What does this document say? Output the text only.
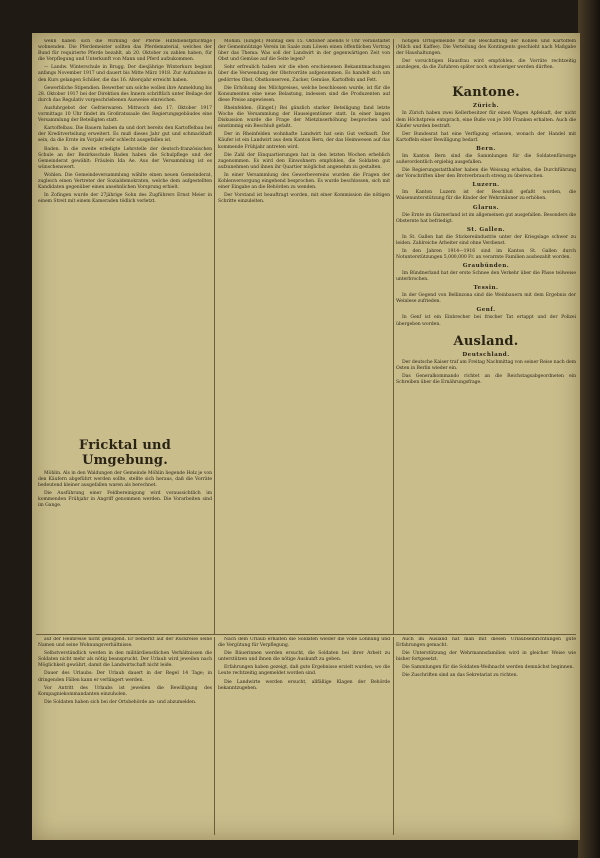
wenn haben sich die Wirkung der Pferde Hilfsdienstpflichtige wohnenden. Die Pferdemeister sollten das Pferdematerial, welches der Bund für requirierte Pferde bezahlt, ab 20. Oktober zu zahlen haben, für die Verpflegung und Unterkunft von Mann und Pferd aufzukommen.

— Landw. Winterschule in Brugg. Der diesjährige Winterkurs beginnt anfangs November 1917 und dauert bis Mitte März 1918. Zur Aufnahme in den Kurs gelangen Schüler, die das 16. Altersjahr erreicht haben.

Gewerbliche Stipendien. Bewerber um solche wollen ihre Anmeldung bis 28. Oktober 1917 bei der Direktion des Innern schriftlich unter Beilage der durch das Regulativ vorgeschriebenen Ausweise einreichen.

Ausfuhrgebot der Gefrierwaren. Mittwoch den 17. Oktober 1917 vormittags 10 Uhr findet im Großratssaale des Regierungsgebäudes eine Versammlung der Beteiligten statt.

Kartoffelbau. Die Bauern haben da und dort bereits den Kartoffelbau bei der Kreditverteilung erweitert. Es muß dieses Jahr gut und schmackhaft sein, da die Ernte im Vorjahr sehr schlecht ausgefallen ist.

Baden. In die zweite erledigte Lehrstelle der deutsch-französischen Schule an der Bezirksschule Baden haben die Schulpflege und der Gemeinderat gewählt: Fräulein Ida Ae. Aus der Versammlung ist es wünschenswert.

Wohlen. Die Gemeindeversammlung wählte einen neuen Gemeinderat, zugleich einen Vertreter der Sozialdemokraten, welche dem aufgestellten Kandidaten gegenüber einen ansehnlichen Vorsprung erhielt.

In Zofingen wurde der 27jährige Sohn des Zugführers Ernst Meier in einem Streit mit einem Kameraden tödlich verletzt.

Fricktal und Umgebung.

Möhlin. Als in den Waldungen der Gemeinde Möhlin liegende Holz je von den Käufern abgeführt werden sollte, stellte sich heraus, daß die Vorräte bedeutend kleiner ausgefallen waren als berechnet.

Die Ausführung einer Feldbereinigung wird voraussichtlich im kommenden Frühjahr in Angriff genommen werden. Die Vorarbeiten sind im Gange.

Möhlin. (Eingef.) Montag den 15. Oktober abends 8 Uhr veranstaltet der Gemeinnützige Verein im Saale zum Löwen einen öffentlichen Vortrag über das Thema: Was soll der Landwirt in der gegenwärtigen Zeit von Obst und Gemüse auf die Seite legen?

Sehr erfreulich haben wir die eben erschienenen Bekanntmachungen über die Verwendung der Obstvorräte aufgenommen. Es handelt sich um gedörrtes Obst, Obstkonserven, Zucker, Gemüse, Kartoffeln und Fett.

Die Erhöhung des Milchpreises, welche beschlossen wurde, ist für die Konsumenten eine neue Belastung, indessen sind die Produzenten auf diese Preise angewiesen.

Rheinfelden. (Eingef.) Bei gänzlich starker Beteiligung fand letzte Woche die Versammlung der Hauseigentümer statt. In einer langen Diskussion wurde die Frage der Mietzinserhöhung besprochen und einstimmig ein Beschluß gefaßt.

Der in Rheinfelden wohnhafte Landwirt hat sein Gut verkauft. Der Käufer ist ein Landwirt aus dem Kanton Bern, der das Heimwesen auf das kommende Frühjahr antreten wird.

Die Zahl der Einquartierungen hat in den letzten Wochen erheblich zugenommen. Es wird den Einwohnern empfohlen, die Soldaten gut aufzunehmen und ihnen ihr Quartier möglichst angenehm zu gestalten.

In einer Versammlung des Gewerbevereins wurden die Fragen der Kohlenversorgung eingehend besprochen. Es wurde beschlossen, sich mit einer Eingabe an die Behörden zu wenden.

Der Vorstand ist beauftragt worden, mit einer Kommission die nötigen Schritte einzuleiten.

nötigen Ortsgemeinde für die Beschaffung der Kohlen und Kartoffeln (Milch und Kaffee). Die Verteilung des Kontingents geschieht nach Maßgabe der Haushaltungen.

Der vorsichtigen Hausfrau wird empfohlen, die Vorräte rechtzeitig anzulegen, da die Zufuhren später noch schwieriger werden dürften.

Kantone.
Zürich.

In Zürich haben zwei Kellerbesitzer für einen Wagen Apfelsaft, der nicht dem Höchstpreis entsprach, eine Buße von je 300 Franken erhalten. Auch die Käufer wurden bestraft.

Der Bundesrat hat eine Verfügung erlassen, wonach der Handel mit Kartoffeln einer Bewilligung bedarf.

Bern.

Im Kanton Bern sind die Sammlungen für die Soldatenfürsorge außerordentlich ergiebig ausgefallen.

Die Regierungsstatthalter haben die Weisung erhalten, die Durchführung der Vorschriften über den Brotverbrauch streng zu überwachen.

Luzern.

Im Kanton Luzern ist der Beschluß gefaßt worden, die Waisenunterstützung für die Kinder der Wehrmänner zu erhöhen.

Glarus.

Die Ernte im Glarnerland ist im allgemeinen gut ausgefallen. Besonders die Obsternte hat befriedigt.

St. Gallen.

In St. Gallen hat die Stickereiindustrie unter der Kriegslage schwer zu leiden. Zahlreiche Arbeiter sind ohne Verdienst.

In den Jahren 1914—1916 sind im Kanton St. Gallen durch Notunterstützungen 5,000,000 Fr. an verarmte Familien ausbezahlt worden.

Graubünden.

Im Bündnerland hat der erste Schnee den Verkehr über die Pässe teilweise unterbrochen.

Tessin.

In der Gegend von Bellinzona sind die Weinbauern mit dem Ergebnis der Weinlese zufrieden.

Genf.

In Genf ist ein Einbrecher bei frischer Tat ertappt und der Polizei übergeben worden.

Ausland.
Deutschland.

Der deutsche Kaiser traf am Freitag Nachmittag von seiner Reise nach dem Osten in Berlin wieder ein.

Das Generalkommando richtet an die Reichstagsabgeordneten ein Schreiben über die Ernährungsfrage.

auf der Heimreise nicht genügend. Er bemerkt auf der Rückreise seine Namen und seine Wohnungsverhältnisse.

Selbstverständlich werden in den militärdienstlichen Verhältnissen die Soldaten nicht mehr als nötig beansprucht. Der Urlaub wird jeweilen nach Möglichkeit gewährt, damit die Landwirtschaft nicht leide.

Dauer des Urlaubs: Der Urlaub dauert in der Regel 14 Tage; in dringenden Fällen kann er verlängert werden.

Vor Antritt des Urlaubs ist jeweilen die Bewilligung des Kompagniekommandanten einzuholen.

Die Soldaten haben sich bei der Ortsbehörde an- und abzumelden.

Nach dem Urlaub erhalten die Soldaten wieder die volle Löhnung und die Vergütung für Verpflegung.

Die Bäuerinnen werden ersucht, die Soldaten bei ihrer Arbeit zu unterstützen und ihnen die nötige Auskunft zu geben.

Erfahrungen haben gezeigt, daß gute Ergebnisse erzielt wurden, wo die Leute rechtzeitig angemeldet worden sind.

Die Landwirte werden ersucht, allfällige Klagen der Behörde bekanntzugeben.

Auch im Ausland hat man mit diesen Urlaubseinrichtungen gute Erfahrungen gemacht.

Die Unterstützung der Wehrmannsfamilien wird in gleicher Weise wie bisher fortgesetzt.

Die Sammlungen für die Soldaten-Weihnacht werden demnächst beginnen.

Die Zuschriften sind an das Sekretariat zu richten.
